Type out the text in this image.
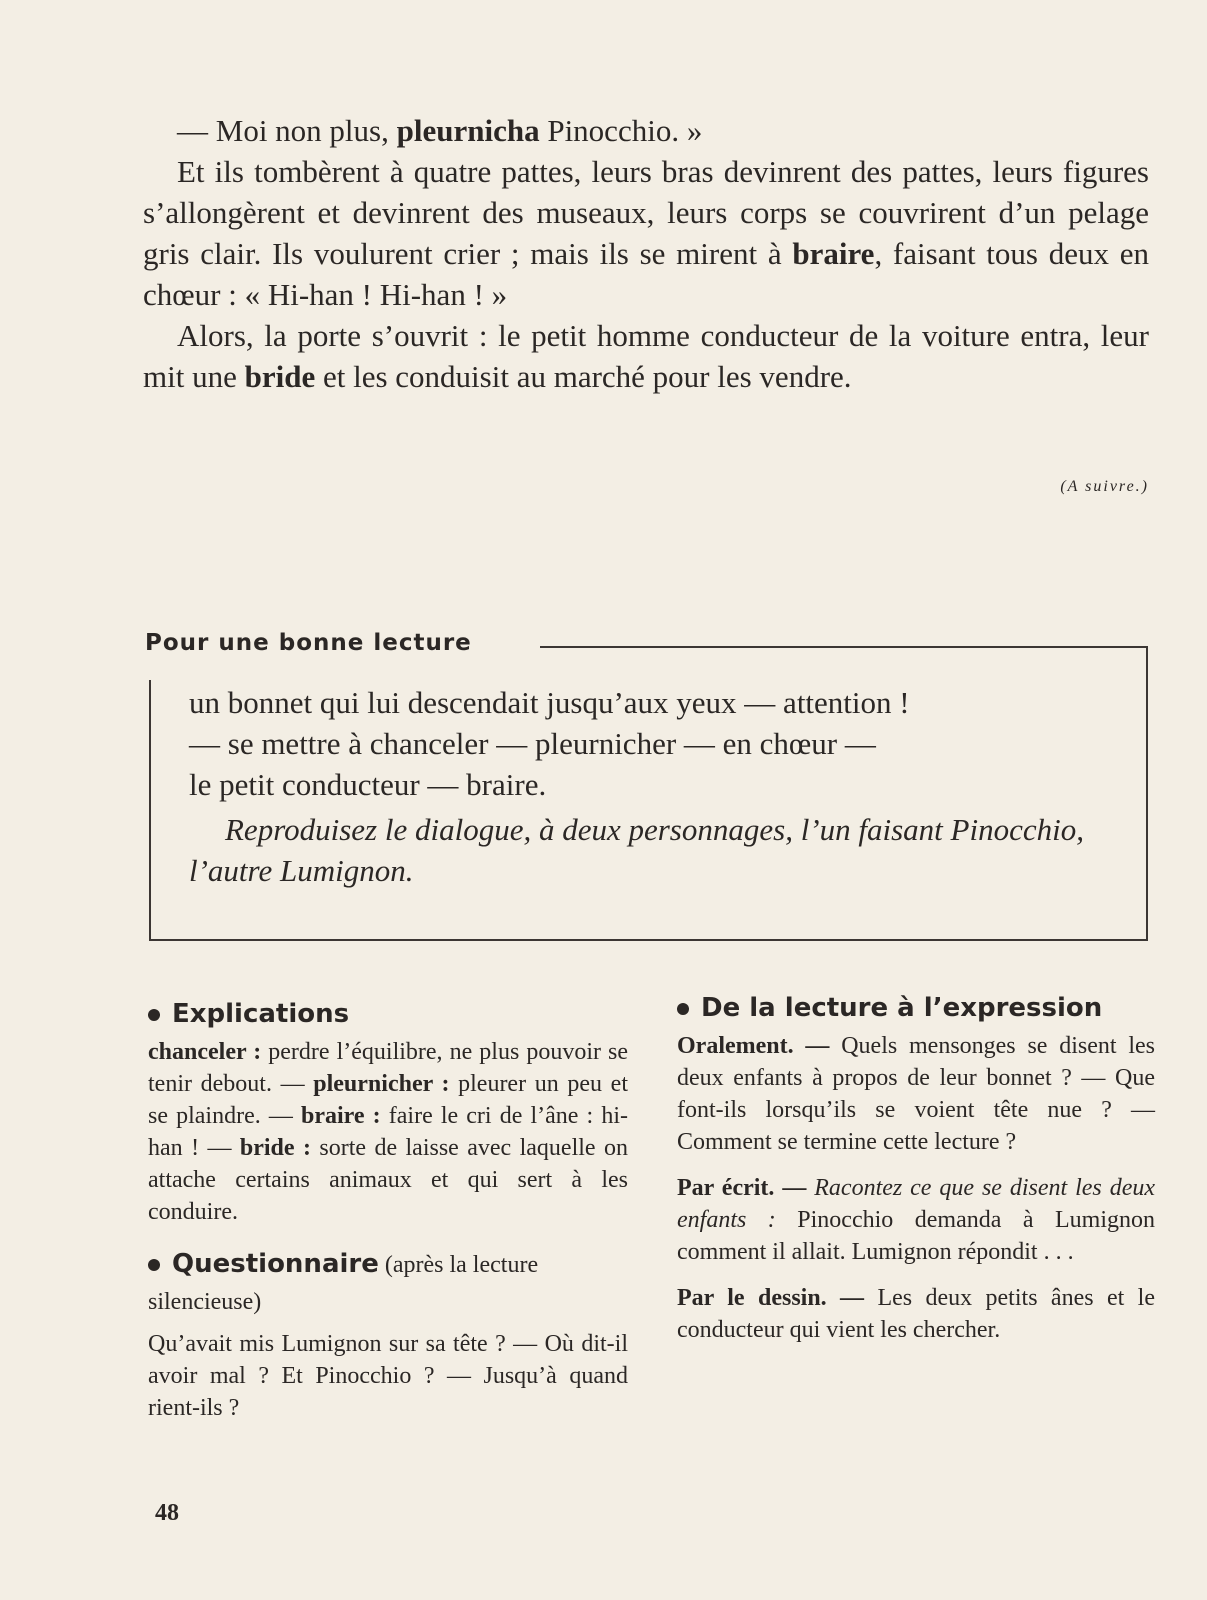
— Moi non plus, pleurnicha Pinocchio. »

Et ils tombèrent à quatre pattes, leurs bras devinrent des pattes, leurs figures s’allongèrent et devinrent des museaux, leurs corps se couvrirent d’un pelage gris clair. Ils voulurent crier ; mais ils se mirent à braire, faisant tous deux en chœur : « Hi-han ! Hi-han ! »

Alors, la porte s’ouvrit : le petit homme conducteur de la voiture entra, leur mit une bride et les conduisit au marché pour les vendre.

(A suivre.)
Pour une bonne lecture

un bonnet qui lui descendait jusqu’aux yeux — attention !

— se mettre à chanceler — pleurnicher — en chœur —

le petit conducteur — braire.

Reproduisez le dialogue, à deux personnages, l’un faisant Pinocchio, l’autre Lumignon.

Explications

chanceler : perdre l’équilibre, ne plus pouvoir se tenir debout. — pleurnicher : pleurer un peu et se plaindre. — braire : faire le cri de l’âne : hi-han ! — bride : sorte de laisse avec laquelle on attache certains animaux et qui sert à les conduire.

Questionnaire (après la lecture silencieuse)

Qu’avait mis Lumignon sur sa tête ? — Où dit-il avoir mal ? Et Pinocchio ? — Jusqu’à quand rient-ils ?

De la lecture à l’expression

Oralement. — Quels mensonges se disent les deux enfants à propos de leur bonnet ? — Que font-ils lorsqu’ils se voient tête nue ? — Comment se termine cette lecture ?

Par écrit. — Racontez ce que se disent les deux enfants : Pinocchio demanda à Lumignon comment il allait. Lumignon répondit . . .

Par le dessin. — Les deux petits ânes et le conducteur qui vient les chercher.

48
